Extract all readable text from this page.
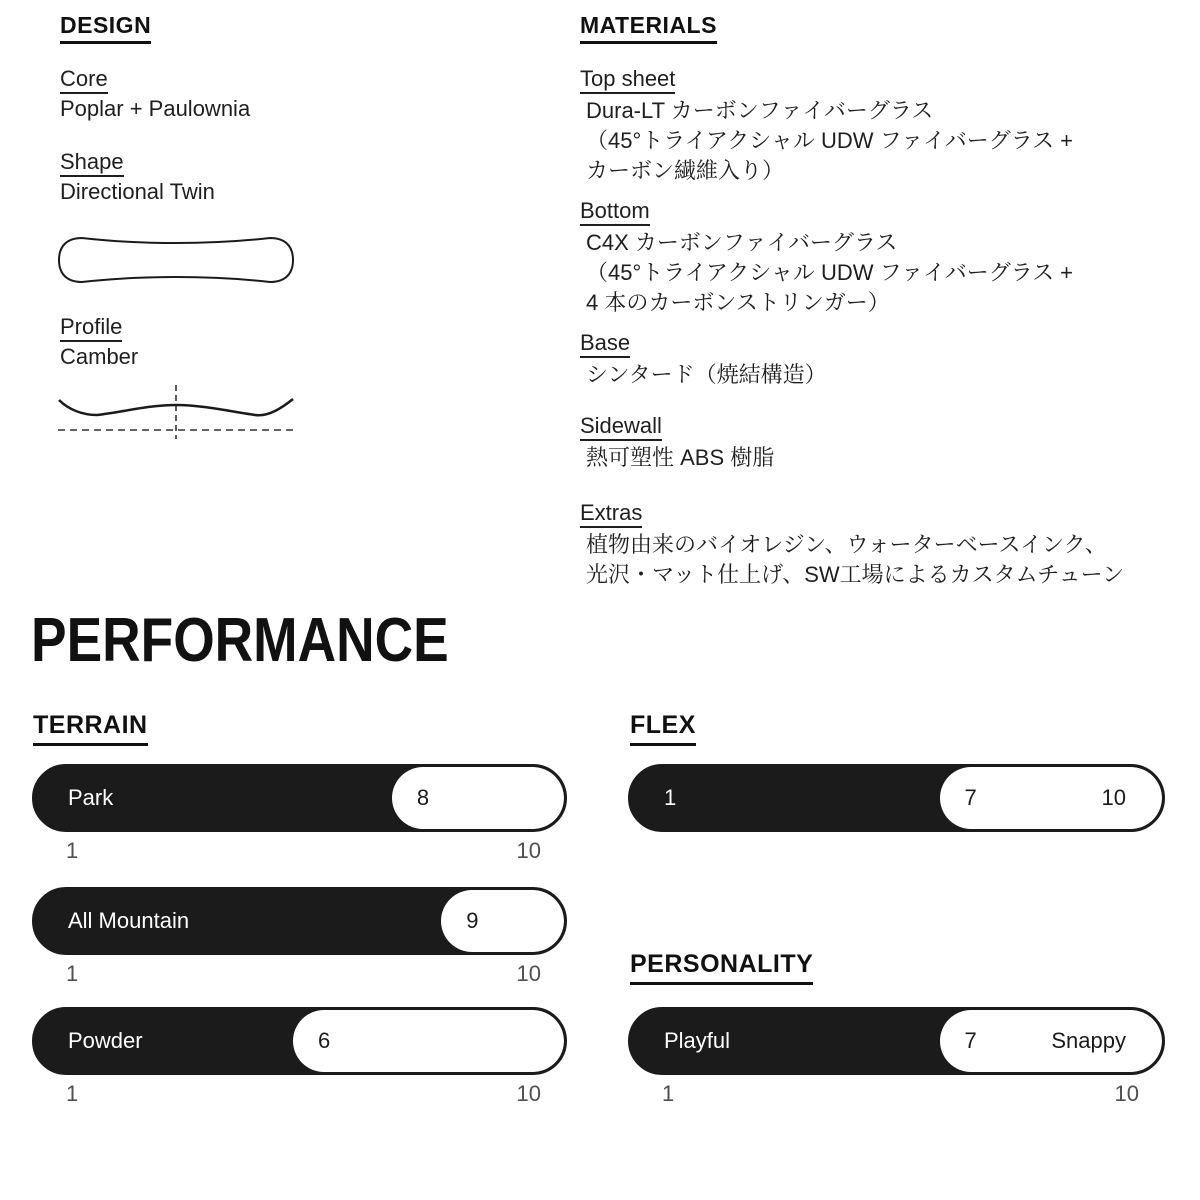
DESIGN
Core
Poplar + Paulownia
Shape
Directional Twin
Profile
Camber
MATERIALS
Top sheet
Dura-LT カーボンファイバーグラス
（45°トライアクシャル UDW ファイバーグラス +
カーボン繊維入り）
Bottom
C4X カーボンファイバーグラス
（45°トライアクシャル UDW ファイバーグラス +
4 本のカーボンストリンガー）
Base
シンタード（焼結構造）
Sidewall
熱可塑性 ABS 樹脂
Extras
植物由来のバイオレジン、ウォーターベースインク、
光沢・マット仕上げ、SW工場によるカスタムチューン
PERFORMANCE
TERRAIN
Park	8
1	10
All Mountain	9
1	10
Powder	6
1	10
FLEX
1	7	10
PERSONALITY
Playful	7	Snappy
1	10
